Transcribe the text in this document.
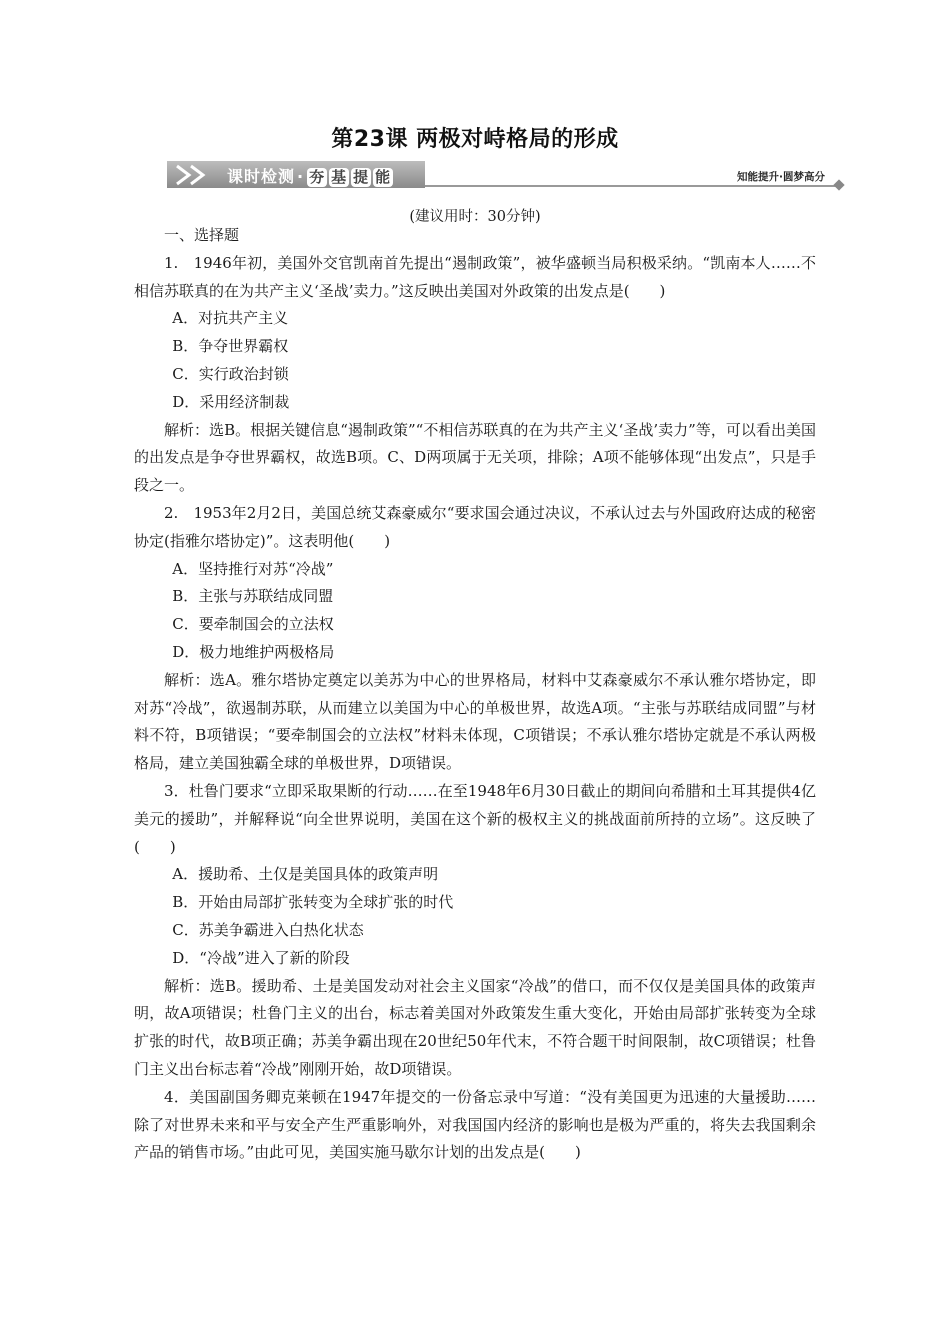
第23课 两极对峙格局的形成
课时检测 · 夯 基 提 能	知能提升·圆梦高分
(建议用时：30分钟)

一、选择题

1.　1946年初，美国外交官凯南首先提出“遏制政策”，被华盛顿当局积极采纳。“凯南本人……不相信苏联真的在为共产主义‘圣战’卖力。”这反映出美国对外政策的出发点是(　　)

A．对抗共产主义

B．争夺世界霸权

C．实行政治封锁

D．采用经济制裁

解析：选B。根据关键信息“遏制政策”“不相信苏联真的在为共产主义‘圣战’卖力”等，可以看出美国的出发点是争夺世界霸权，故选B项。C、D两项属于无关项，排除；A项不能够体现“出发点”，只是手段之一。

2.　1953年2月2日，美国总统艾森豪威尔“要求国会通过决议，不承认过去与外国政府达成的秘密协定(指雅尔塔协定)”。这表明他(　　)

A．坚持推行对苏“冷战”

B．主张与苏联结成同盟

C．要牵制国会的立法权

D．极力地维护两极格局

解析：选A。雅尔塔协定奠定以美苏为中心的世界格局，材料中艾森豪威尔不承认雅尔塔协定，即对苏“冷战”，欲遏制苏联，从而建立以美国为中心的单极世界，故选A项。“主张与苏联结成同盟”与材料不符，B项错误；“要牵制国会的立法权”材料未体现，C项错误；不承认雅尔塔协定就是不承认两极格局，建立美国独霸全球的单极世界，D项错误。

3．杜鲁门要求“立即采取果断的行动……在至1948年6月30日截止的期间向希腊和土耳其提供4亿美元的援助”，并解释说“向全世界说明，美国在这个新的极权主义的挑战面前所持的立场”。这反映了(　　)

A．援助希、土仅是美国具体的政策声明

B．开始由局部扩张转变为全球扩张的时代

C．苏美争霸进入白热化状态

D．“冷战”进入了新的阶段

解析：选B。援助希、土是美国发动对社会主义国家“冷战”的借口，而不仅仅是美国具体的政策声明，故A项错误；杜鲁门主义的出台，标志着美国对外政策发生重大变化，开始由局部扩张转变为全球扩张的时代，故B项正确；苏美争霸出现在20世纪50年代末，不符合题干时间限制，故C项错误；杜鲁门主义出台标志着“冷战”刚刚开始，故D项错误。

4．美国副国务卿克莱顿在1947年提交的一份备忘录中写道：“没有美国更为迅速的大量援助……除了对世界未来和平与安全产生严重影响外，对我国国内经济的影响也是极为严重的，将失去我国剩余产品的销售市场。”由此可见，美国实施马歇尔计划的出发点是(　　)
